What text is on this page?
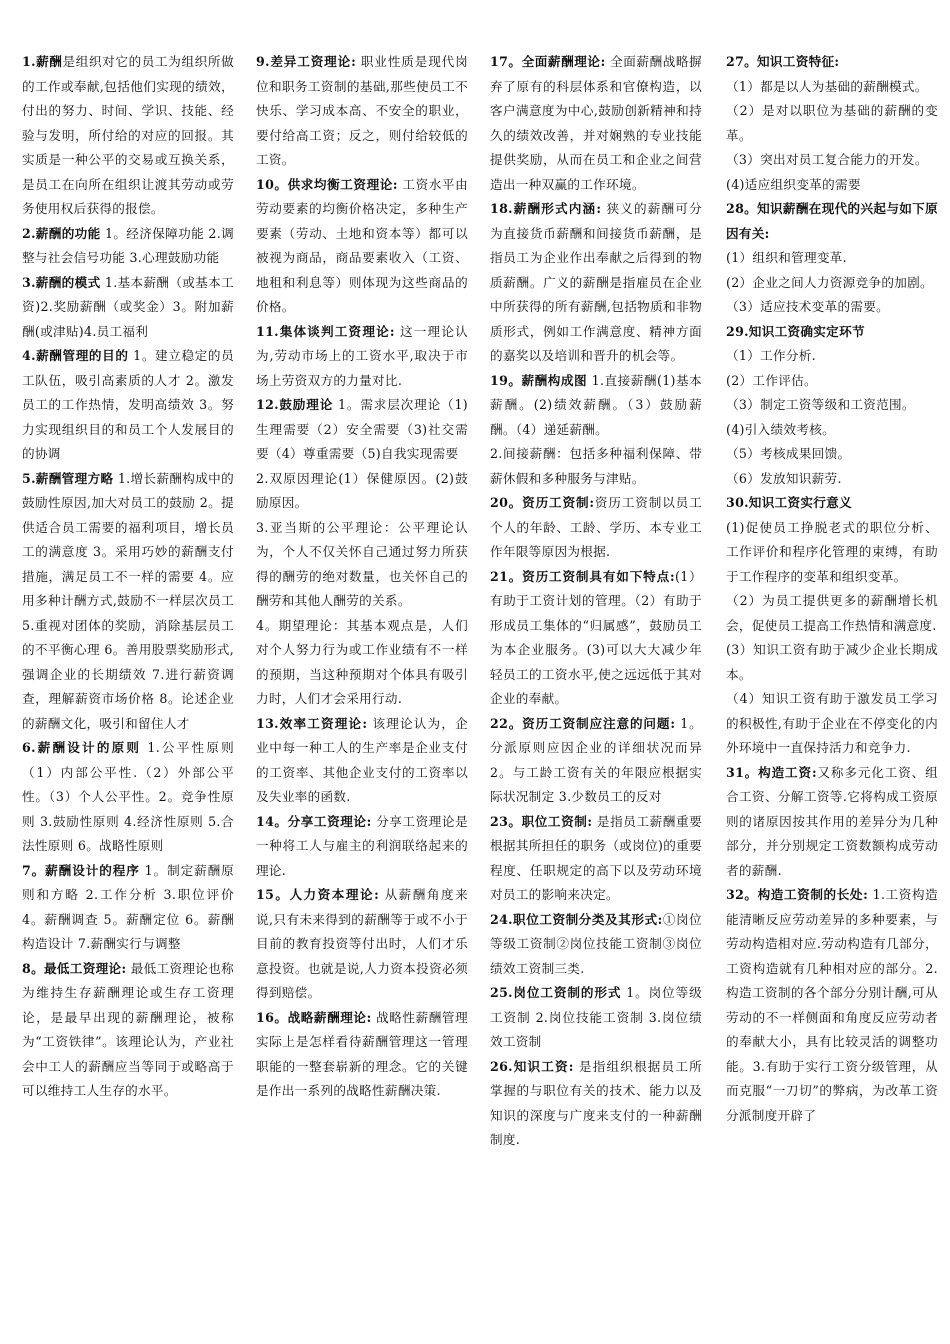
1.薪酬是组织对它的员工为组织所做的工作或奉献,包括他们实现的绩效，付出的努力、时间、学识、技能、经验与发明，所付给的对应的回报。其实质是一种公平的交易或互换关系，是员工在向所在组织让渡其劳动或劳务使用权后获得的报偿。

2.薪酬的功能 1。经济保障功能 2.调整与社会信号功能 3.心理鼓励功能

3.薪酬的模式 1.基本薪酬（或基本工资)2.奖励薪酬（或奖金）3。附加薪酬(或津贴)4.员工福利

4.薪酬管理的目的 1。建立稳定的员工队伍，吸引高素质的人才 2。激发员工的工作热情，发明高绩效 3。努力实现组织目的和员工个人发展目的的协调

5.薪酬管理方略 1.增长薪酬构成中的鼓励性原因,加大对员工的鼓励 2。提供适合员工需要的福利项目，增长员工的满意度 3。采用巧妙的薪酬支付措施，满足员工不一样的需要 4。应用多种计酬方式,鼓励不一样层次员工 5.重视对团体的奖励，消除基层员工的不平衡心理 6。善用股票奖励形式,强调企业的长期绩效 7.进行薪资调查，理解薪资市场价格 8。论述企业的薪酬文化，吸引和留住人才

6.薪酬设计的原则 1.公平性原则（1）内部公平性.（2）外部公平性。（3）个人公平性。2。竞争性原则 3.鼓励性原则 4.经济性原则 5.合法性原则 6。战略性原则

7。薪酬设计的程序 1。制定薪酬原则和方略 2.工作分析 3.职位评价 4。薪酬调查 5。薪酬定位 6。薪酬构造设计 7.薪酬实行与调整

8。最低工资理论: 最低工资理论也称为维持生存薪酬理论或生存工资理论，是最早出现的薪酬理论，被称为“工资铁律”。该理论认为，产业社会中工人的薪酬应当等同于或略高于可以维持工人生存的水平。

9.差异工资理论: 职业性质是现代岗位和职务工资制的基础,那些使员工不快乐、学习成本高、不安全的职业，要付给高工资；反之，则付给较低的工资。

10。供求均衡工资理论: 工资水平由劳动要素的均衡价格决定，多种生产要素（劳动、土地和资本等）都可以被视为商品，商品要素收入（工资、地租和利息等）则体现为这些商品的价格。

11.集体谈判工资理论: 这一理论认为,劳动市场上的工资水平,取决于市场上劳资双方的力量对比.

12.鼓励理论 1。需求层次理论（1)生理需要（2）安全需要（3)社交需要（4）尊重需要（5)自我实现需要

2.双原因理论(1）保健原因。(2)鼓励原因。

3.亚当斯的公平理论：公平理论认为，个人不仅关怀自己通过努力所获得的酬劳的绝对数量，也关怀自己的酬劳和其他人酬劳的关系。

4。期望理论：其基本观点是，人们对个人努力行为或工作业绩有不一样的预期，当这种预期对个体具有吸引力时，人们才会采用行动.

13.效率工资理论: 该理论认为，企业中每一种工人的生产率是企业支付的工资率、其他企业支付的工资率以及失业率的函数.

14。分享工资理论: 分享工资理论是一种将工人与雇主的利润联络起来的理论.

15。人力资本理论: 从薪酬角度来说,只有未来得到的薪酬等于或不小于目前的教育投资等付出时，人们才乐意投资。也就是说,人力资本投资必须得到赔偿。

16。战略薪酬理论: 战略性薪酬管理实际上是怎样看待薪酬管理这一管理职能的一整套崭新的理念。它的关键是作出一系列的战略性薪酬决策.

17。全面薪酬理论: 全面薪酬战略摒弃了原有的科层体系和官僚构造，以客户满意度为中心,鼓励创新精神和持久的绩效改善，并对娴熟的专业技能提供奖励，从而在员工和企业之间营造出一种双赢的工作环境。

18.薪酬形式内涵: 狭义的薪酬可分为直接货币薪酬和间接货币薪酬，是指员工为企业作出奉献之后得到的物质薪酬。广义的薪酬是指雇员在企业中所获得的所有薪酬,包括物质和非物质形式，例如工作满意度、精神方面的嘉奖以及培训和晋升的机会等。

19。薪酬构成图 1.直接薪酬(1)基本薪酬。(2)绩效薪酬。（3）鼓励薪酬。（4）递延薪酬。

2.间接薪酬：包括多种福利保障、带薪休假和多种服务与津贴。

20。资历工资制:资历工资制以员工个人的年龄、工龄、学历、本专业工作年限等原因为根据.

21。资历工资制具有如下特点:(1）有助于工资计划的管理。（2）有助于形成员工集体的“归属感”，鼓励员工为本企业服务。(3)可以大大减少年轻员工的工资水平,使之远远低于其对企业的奉献。

22。资历工资制应注意的问题: 1。分派原则应因企业的详细状况而异 2。与工龄工资有关的年限应根据实际状况制定 3.少数员工的反对

23。职位工资制: 是指员工薪酬重要根据其所担任的职务（或岗位)的重要程度、任职规定的高下以及劳动环境对员工的影响来决定。

24.职位工资制分类及其形式:①岗位等级工资制②岗位技能工资制③岗位绩效工资制三类.

25.岗位工资制的形式 1。岗位等级工资制 2.岗位技能工资制 3.岗位绩效工资制

26.知识工资: 是指组织根据员工所掌握的与职位有关的技术、能力以及知识的深度与广度来支付的一种薪酬制度.

27。知识工资特征:

（1）都是以人为基础的薪酬模式。

（2）是对以职位为基础的薪酬的变革。

（3）突出对员工复合能力的开发。

(4)适应组织变革的需要

28。知识薪酬在现代的兴起与如下原因有关:

(1）组织和管理变革.

(2）企业之间人力资源竞争的加剧。

（3）适应技术变革的需要。

29.知识工资确实定环节

（1）工作分析.

(2）工作评估。

（3）制定工资等级和工资范围。

(4)引入绩效考核。

（5）考核成果回馈。

（6）发放知识薪劳.

30.知识工资实行意义

(1)促使员工挣脱老式的职位分析、工作评价和程序化管理的束缚，有助于工作程序的变革和组织变革。

（2）为员工提供更多的薪酬增长机会，促使员工提高工作热情和满意度.

(3）知识工资有助于减少企业长期成本。

（4）知识工资有助于激发员工学习的积极性,有助于企业在不停变化的内外环境中一直保持活力和竞争力.

31。构造工资:又称多元化工资、组合工资、分解工资等.它将构成工资原则的诸原因按其作用的差异分为几种部分，并分别规定工资数额构成劳动者的薪酬.

32。构造工资制的长处: 1.工资构造能清晰反应劳动差异的多种要素，与劳动构造相对应.劳动构造有几部分，工资构造就有几种相对应的部分。2.构造工资制的各个部分分别计酬,可从劳动的不一样侧面和角度反应劳动者的奉献大小，具有比较灵活的调整功能。3.有助于实行工资分级管理，从而克服“一刀切”的弊病，为改革工资分派制度开辟了
